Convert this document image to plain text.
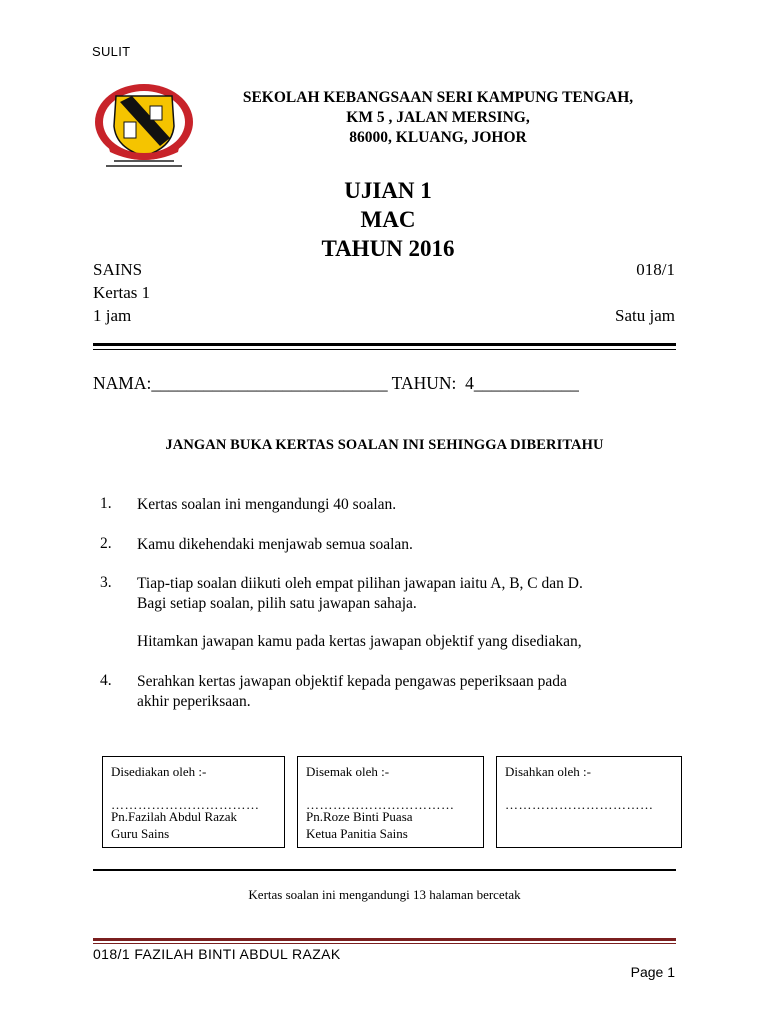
SULIT
SEKOLAH KEBANGSAAN SERI KAMPUNG TENGAH,
KM 5 , JALAN MERSING,
86000, KLUANG, JOHOR
UJIAN 1
MAC
TAHUN 2016
SAINS	018/1
Kertas 1
1 jam	Satu jam
NAMA:___________________________ TAHUN: 4____________
JANGAN BUKA KERTAS SOALAN INI SEHINGGA DIBERITAHU
1. Kertas soalan ini mengandungi 40 soalan.
2. Kamu dikehendaki menjawab semua soalan.
3. Tiap-tiap soalan diikuti oleh empat pilihan jawapan iaitu A, B, C dan D.
Bagi setiap soalan, pilih satu jawapan sahaja.
Hitamkan jawapan kamu pada kertas jawapan objektif yang disediakan,
4. Serahkan kertas jawapan objektif kepada pengawas peperiksaan pada
akhir peperiksaan.
Disediakan oleh :-
……………………………
Pn.Fazilah Abdul Razak
Guru Sains
Disemak oleh :-
……………………………
Pn.Roze Binti Puasa
Ketua Panitia Sains
Disahkan oleh :-
……………………………
Kertas soalan ini mengandungi 13 halaman bercetak
018/1 FAZILAH BINTI ABDUL RAZAK
Page 1
